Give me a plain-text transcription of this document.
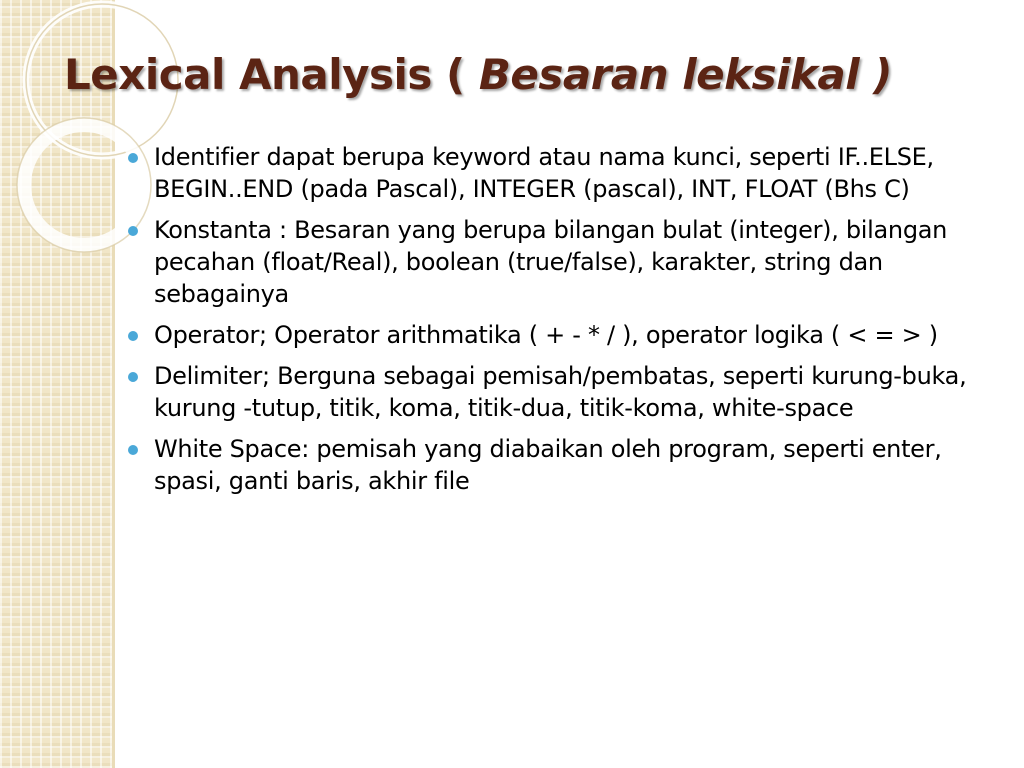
Lexical Analysis ( Besaran leksikal )
Identifier dapat berupa keyword atau nama kunci, seperti IF..ELSE, BEGIN..END (pada Pascal), INTEGER (pascal), INT, FLOAT (Bhs C)
Konstanta : Besaran yang berupa bilangan bulat (integer), bilangan pecahan (float/Real), boolean (true/false), karakter, string dan sebagainya
Operator; Operator arithmatika ( + - * / ), operator logika ( < = > )
Delimiter; Berguna sebagai pemisah/pembatas, seperti kurung-buka, kurung -tutup, titik, koma, titik-dua, titik-koma, white-space
White Space: pemisah yang diabaikan oleh program, seperti enter, spasi, ganti baris, akhir file
